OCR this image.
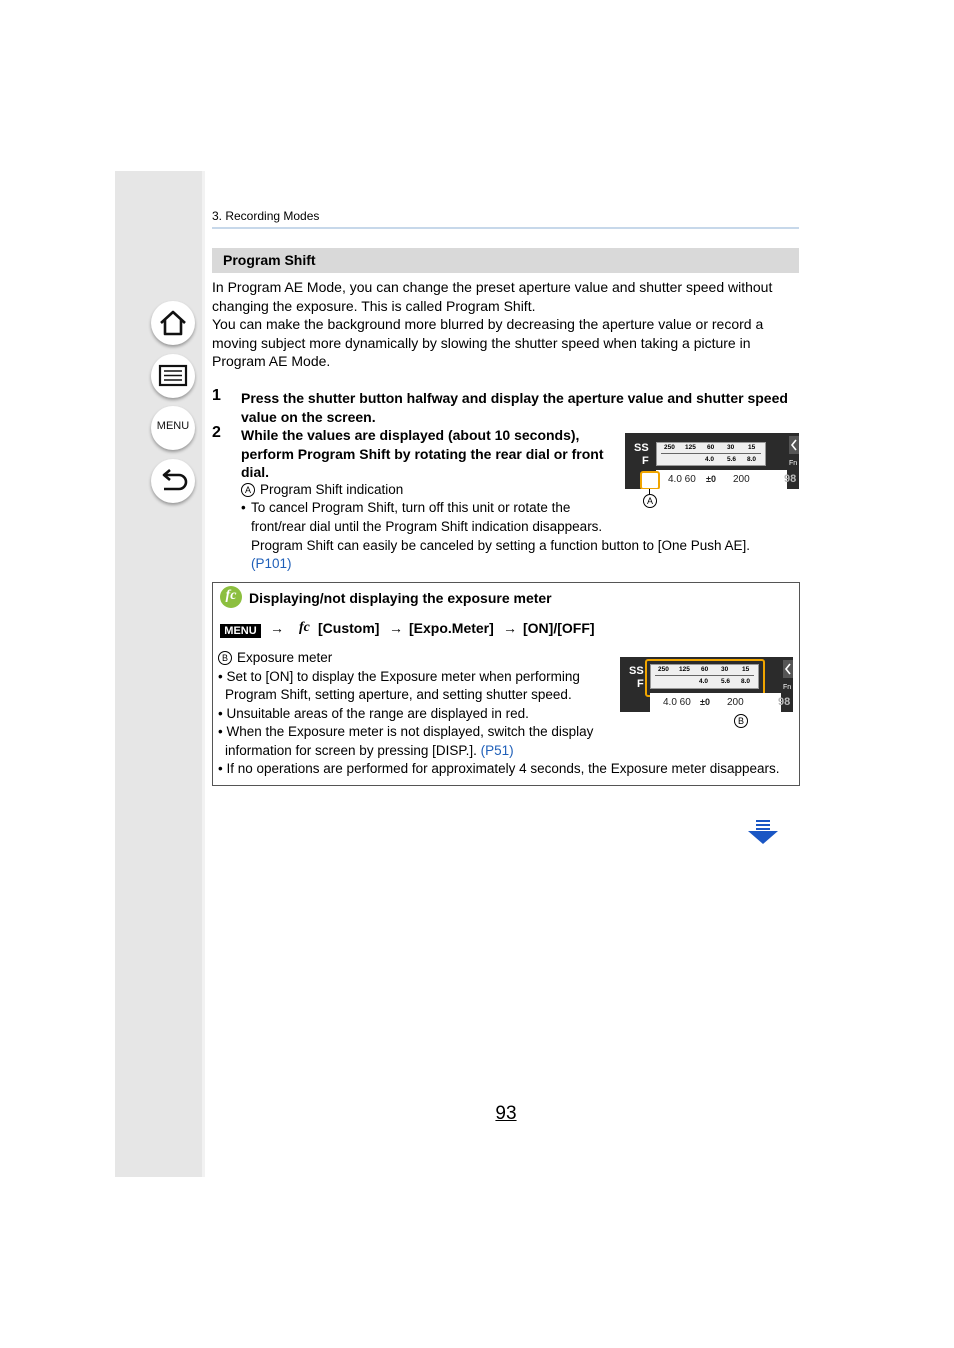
MENU
3. Recording Modes
Program Shift

In Program AE Mode, you can change the preset aperture value and shutter speed without changing the exposure. This is called Program Shift.

You can make the background more blurred by decreasing the aperture value or record a moving subject more dynamically by slowing the shutter speed when taking a picture in Program AE Mode.

1 Press the shutter button halfway and display the aperture value and shutter speed value on the screen.
2 While the values are displayed (about 10 seconds), perform Program Shift by rotating the rear dial or front dial.
A Program Shift indication
• To cancel Program Shift, turn off this unit or rotate the
front/rear dial until the Program Shift indication disappears.
Program Shift can easily be canceled by setting a function button to [One Push AE].
(P101)
SS
F
250 125 60 30 15
4.0 5.6 8.0
Fn
4.0 60 ±0 200	98
A
fc Displaying/not displaying the exposure meter
MENU → fc [Custom] → [Expo.Meter] → [ON]/[OFF]
B Exposure meter
• Set to [ON] to display the Exposure meter when performing
Program Shift, setting aperture, and setting shutter speed.
• Unsuitable areas of the range are displayed in red.
• When the Exposure meter is not displayed, switch the display
information for screen by pressing [DISP.]. (P51)
• If no operations are performed for approximately 4 seconds, the Exposure meter disappears.
SS
F
250 125 60 30 15
4.0 5.6 8.0
Fn
4.0 60 ±0 200	98
B
93
